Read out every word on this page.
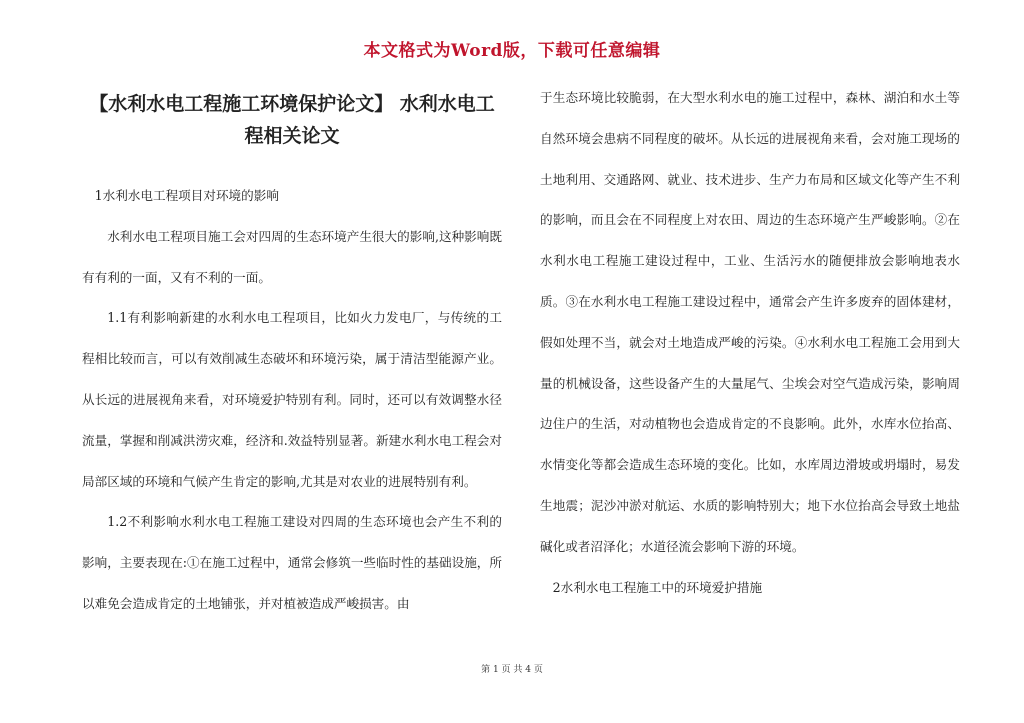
本文格式为Word版，下载可任意编辑
【水利水电工程施工环境保护论文】 水利水电工程相关论文

1水利水电工程项目对环境的影响

水利水电工程项目施工会对四周的生态环境产生很大的影响,这种影响既有有利的一面，又有不利的一面。

1.1有利影响新建的水利水电工程项目，比如火力发电厂，与传统的工程相比较而言，可以有效削减生态破坏和环境污染，属于清洁型能源产业。从长远的进展视角来看，对环境爱护特别有利。同时，还可以有效调整水径流量，掌握和削减洪涝灾难，经济和.效益特别显著。新建水利水电工程会对局部区域的环境和气候产生肯定的影响,尤其是对农业的进展特别有利。

1.2不利影响水利水电工程施工建设对四周的生态环境也会产生不利的影响，主要表现在:①在施工过程中，通常会修筑一些临时性的基础设施，所以难免会造成肯定的土地铺张，并对植被造成严峻损害。由

于生态环境比较脆弱，在大型水利水电的施工过程中，森林、湖泊和水土等自然环境会患病不同程度的破坏。从长远的进展视角来看，会对施工现场的土地利用、交通路网、就业、技术进步、生产力布局和区域文化等产生不利的影响，而且会在不同程度上对农田、周边的生态环境产生严峻影响。②在水利水电工程施工建设过程中，工业、生活污水的随便排放会影响地表水质。③在水利水电工程施工建设过程中，通常会产生许多废弃的固体建材，假如处理不当，就会对土地造成严峻的污染。④水利水电工程施工会用到大量的机械设备，这些设备产生的大量尾气、尘埃会对空气造成污染，影响周边住户的生活，对动植物也会造成肯定的不良影响。此外，水库水位抬高、水情变化等都会造成生态环境的变化。比如，水库周边滑坡或坍塌时，易发生地震；泥沙冲淤对航运、水质的影响特别大；地下水位抬高会导致土地盐碱化或者沼泽化；水道径流会影响下游的环境。

2水利水电工程施工中的环境爱护措施

第 1 页 共 4 页
